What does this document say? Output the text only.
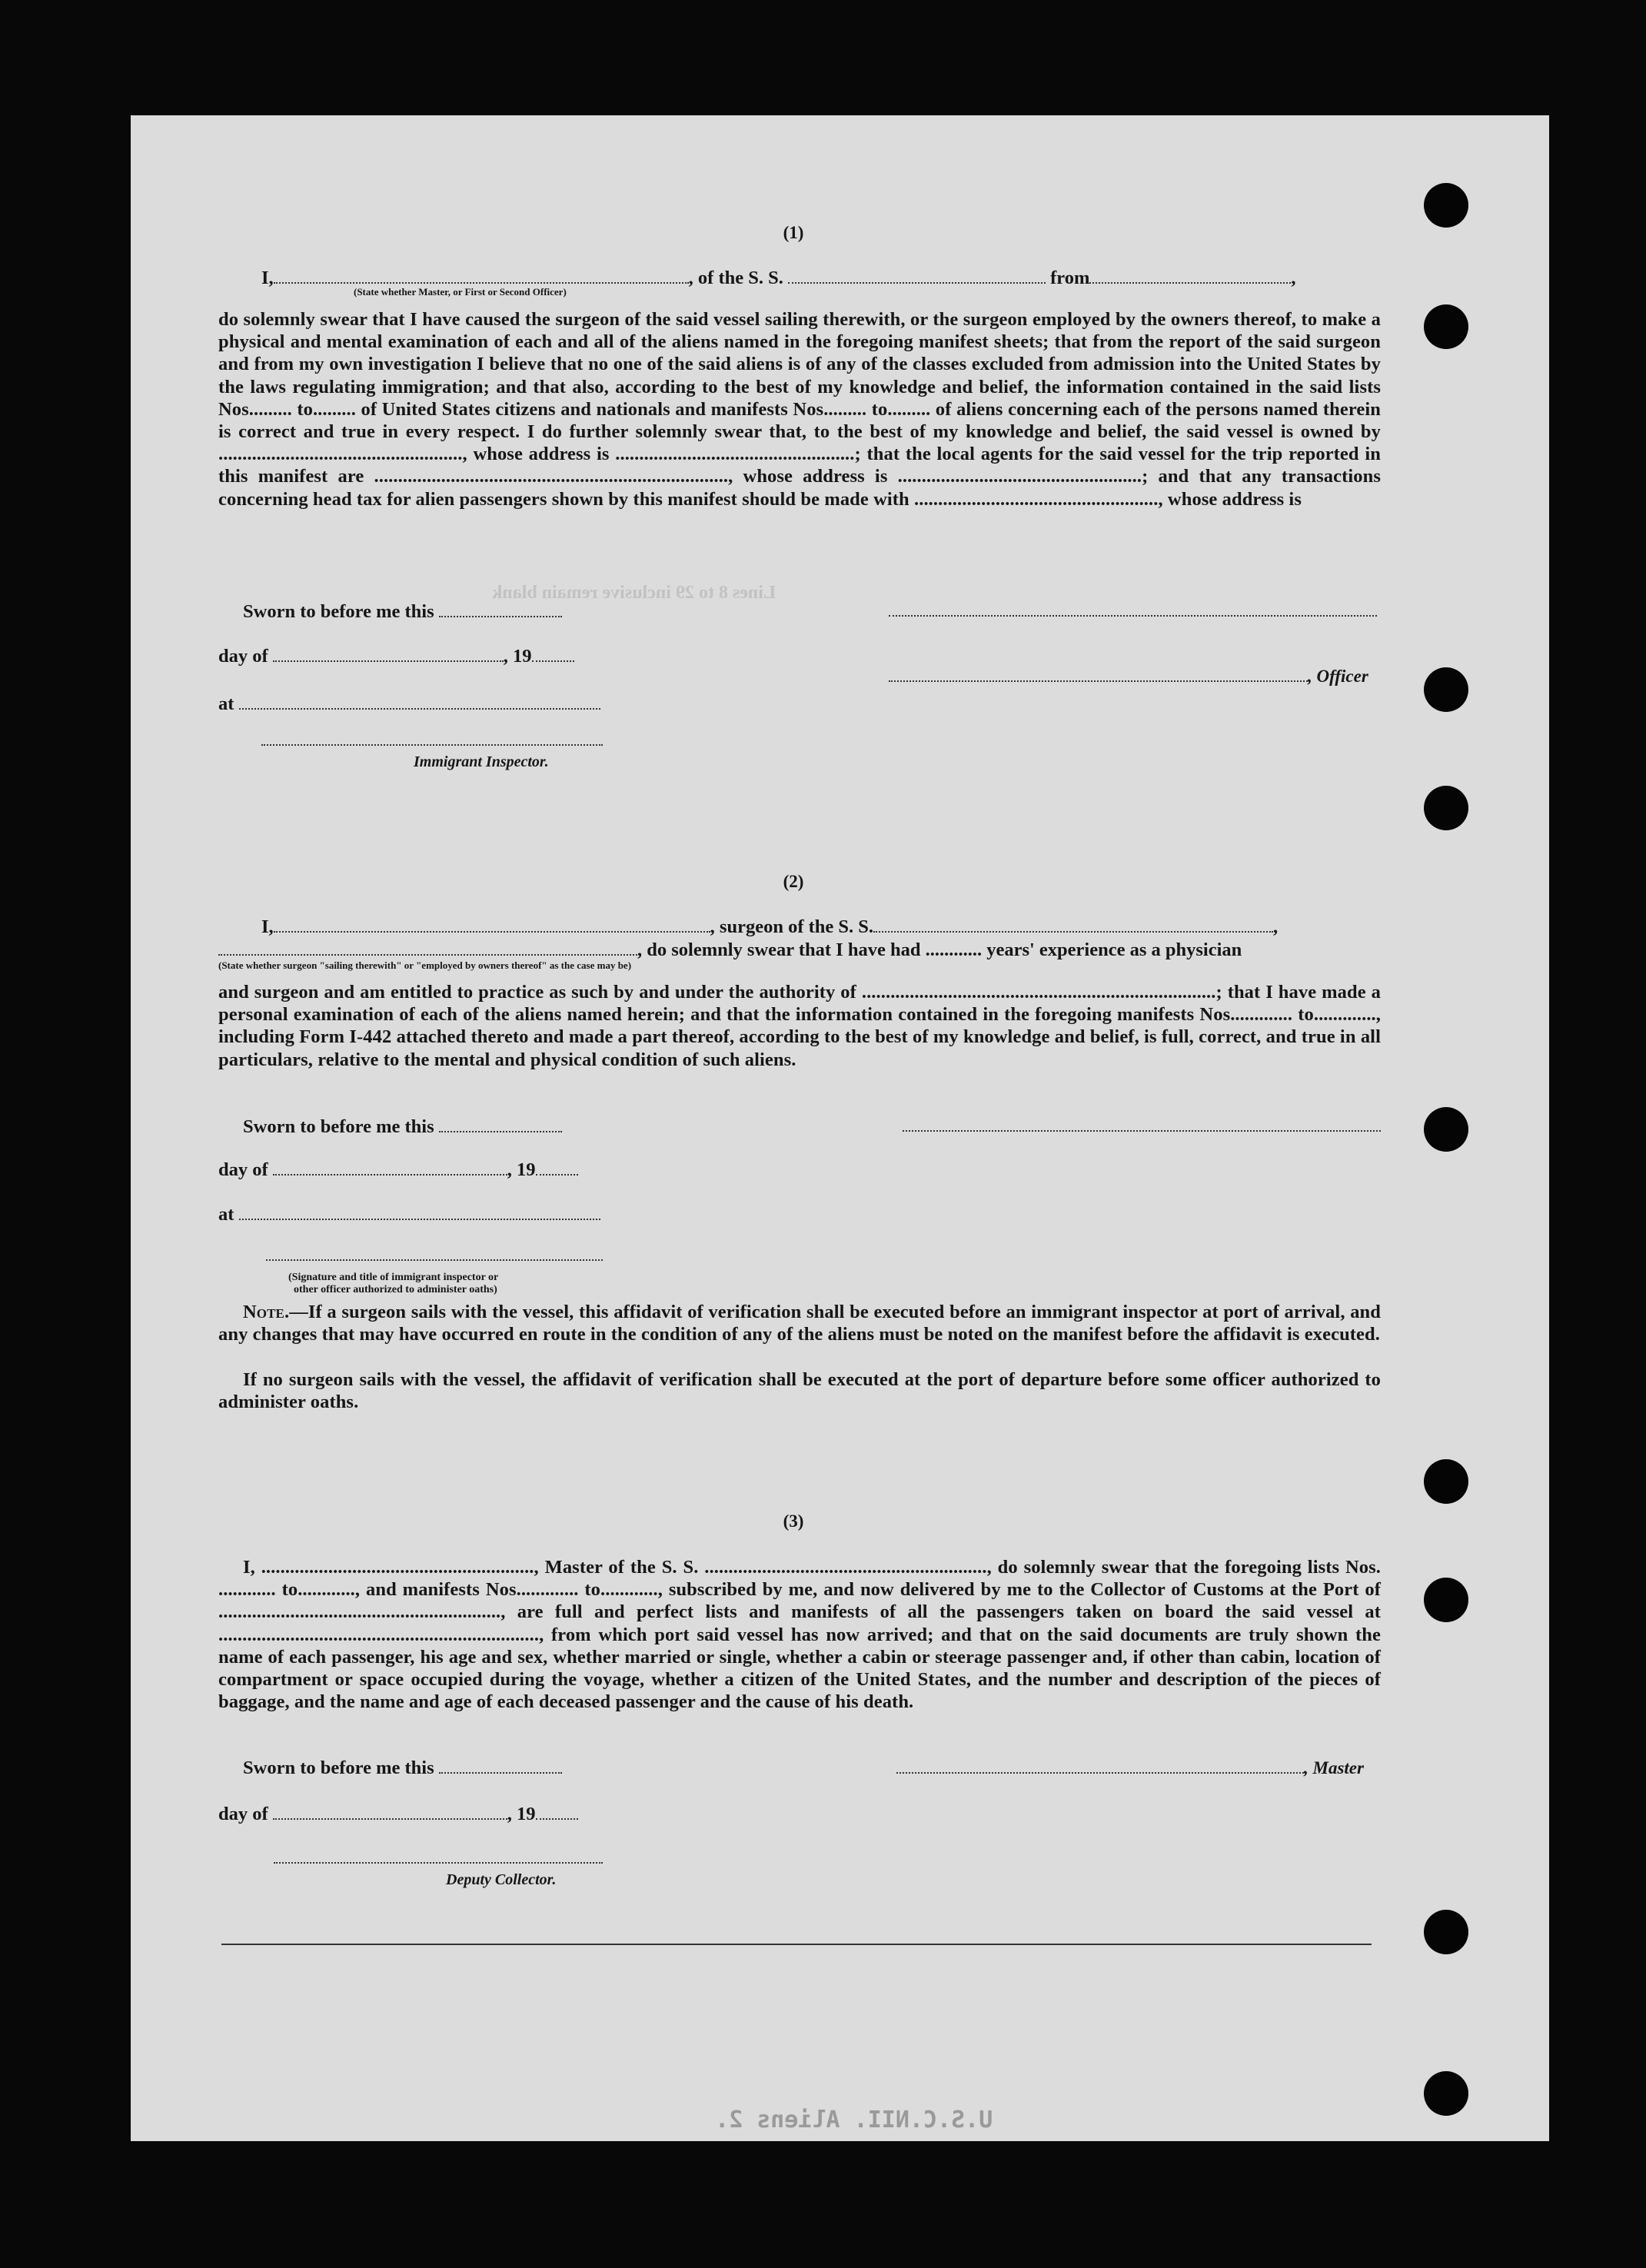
Lines 8 to 29 inclusive remain blank
U.S.C.NII. Aliens 2.
(1)
I,	, of the S. S.	from	,
(State whether Master, or First or Second Officer)
do solemnly swear that I have caused the surgeon of the said vessel sailing therewith, or the surgeon employed by the owners thereof, to make a physical and mental examination of each and all of the aliens named in the foregoing manifest sheets; that from the report of the said surgeon and from my own investigation I believe that no one of the said aliens is of any of the classes excluded from admission into the United States by the laws regulating immigration; and that also, according to the best of my knowledge and belief, the information contained in the said lists Nos......... to......... of United States citizens and nationals and manifests Nos......... to......... of aliens concerning each of the persons named therein is correct and true in every respect. I do further solemnly swear that, to the best of my knowledge and belief, the said vessel is owned by ..................................................., whose address is ..................................................; that the local agents for the said vessel for the trip reported in this manifest are .........................................................................., whose address is ...................................................; and that any transactions concerning head tax for alien passengers shown by this manifest should be made with ..................................................., whose address is
Sworn to before me this
day of	, 19
, Officer
at
Immigrant Inspector.
(2)
I,	, surgeon of the S. S.	,
, do solemnly swear that I have had ............ years' experience as a physician
(State whether surgeon "sailing therewith" or "employed by owners thereof" as the case may be)
and surgeon and am entitled to practice as such by and under the authority of ..........................................................................; that I have made a personal examination of each of the aliens named herein; and that the information contained in the foregoing manifests Nos............. to............., including Form I-442 attached thereto and made a part thereof, according to the best of my knowledge and belief, is full, correct, and true in all particulars, relative to the mental and physical condition of such aliens.
Sworn to before me this
day of	, 19
at
(Signature and title of immigrant inspector or
other officer authorized to administer oaths)
Note.—If a surgeon sails with the vessel, this affidavit of verification shall be executed before an immigrant inspector at port of arrival, and any changes that may have occurred en route in the condition of any of the aliens must be noted on the manifest before the affidavit is executed.
If no surgeon sails with the vessel, the affidavit of verification shall be executed at the port of departure before some officer authorized to administer oaths.
(3)
I, ........................................................., Master of the S. S. ..........................................................., do solemnly swear that the foregoing lists Nos. ............ to............, and manifests Nos............. to............, subscribed by me, and now delivered by me to the Collector of Customs at the Port of ..........................................................., are full and perfect lists and manifests of all the passengers taken on board the said vessel at ..................................................................., from which port said vessel has now arrived; and that on the said documents are truly shown the name of each passenger, his age and sex, whether married or single, whether a cabin or steerage passenger and, if other than cabin, location of compartment or space occupied during the voyage, whether a citizen of the United States, and the number and description of the pieces of baggage, and the name and age of each deceased passenger and the cause of his death.
Sworn to before me this	, Master
day of	, 19
Deputy Collector.
